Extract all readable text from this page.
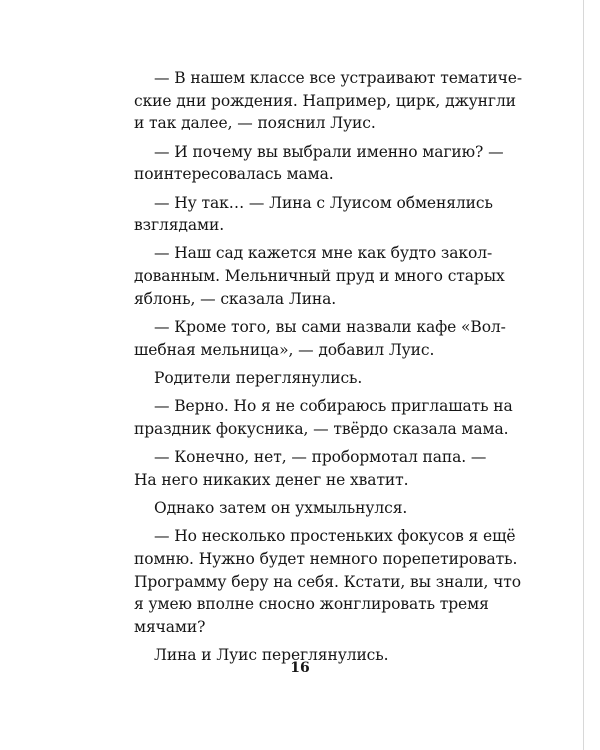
— В нашем классе все устраивают тематиче-
ские дни рождения. Например, цирк, джунгли
и так далее, — пояснил Луис.
— И почему вы выбрали именно магию? —
поинтересовалась мама.
— Ну так… — Лина с Луисом обменялись
взглядами.
— Наш сад кажется мне как будто закол-
дованным. Мельничный пруд и много старых
яблонь, — сказала Лина.
— Кроме того, вы сами назвали кафе «Вол-
шебная мельница», — добавил Луис.
Родители переглянулись.
— Верно. Но я не собираюсь приглашать на
праздник фокусника, — твёрдо сказала мама.
— Конечно, нет, — пробормотал папа. —
На него никаких денег не хватит.
Однако затем он ухмыльнулся.
— Но несколько простеньких фокусов я ещё
помню. Нужно будет немного порепетировать.
Программу беру на себя. Кстати, вы знали, что
я умею вполне сносно жонглировать тремя
мячами?
Лина и Луис переглянулись.
16
